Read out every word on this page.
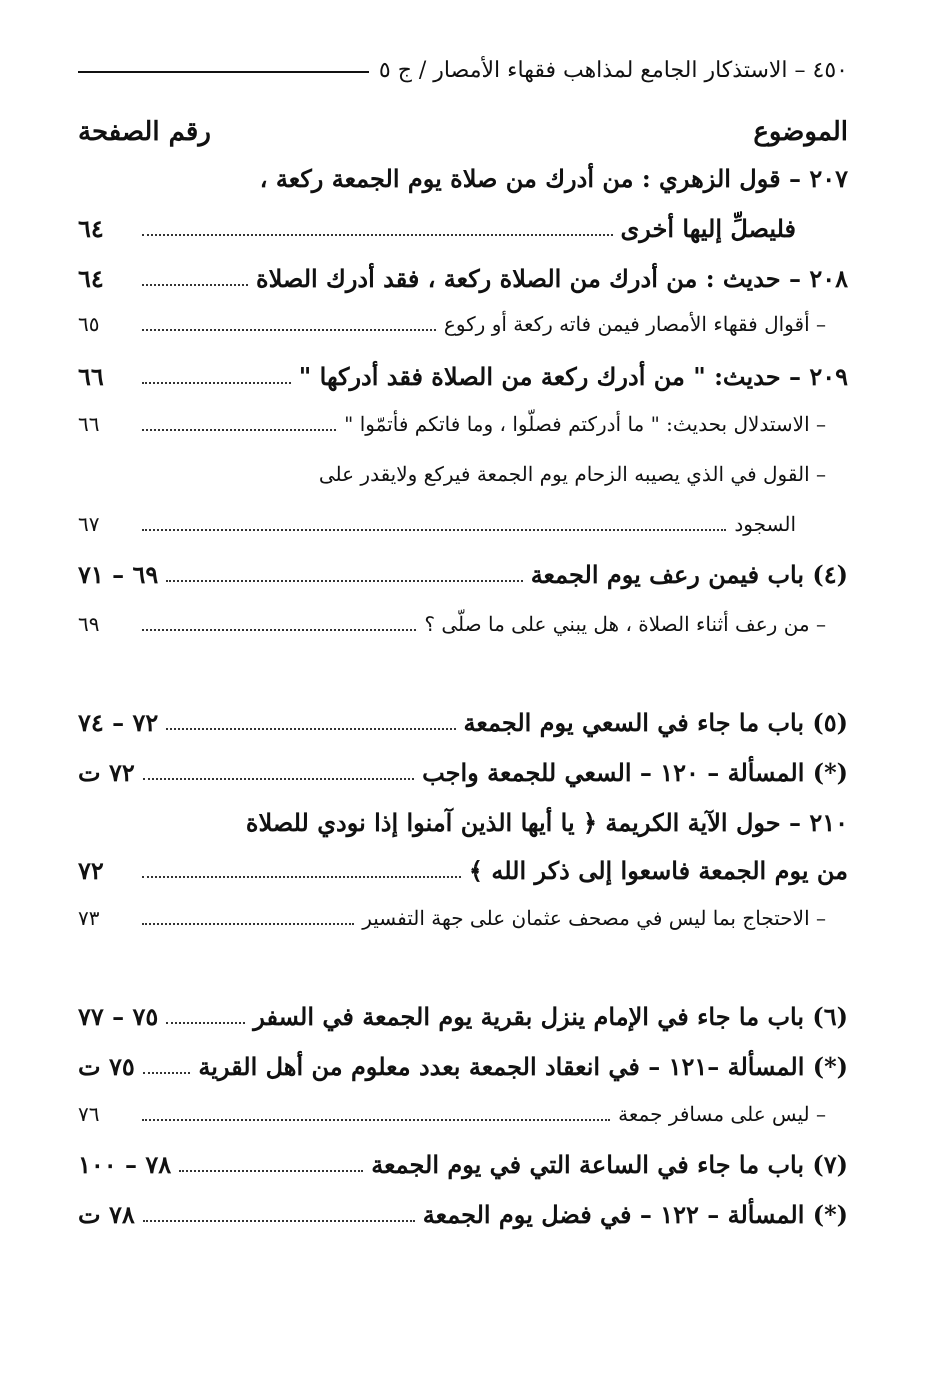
٤٥٠ – الاستذكار الجامع لمذاهب فقهاء الأمصار / ج ٥
الموضوع
رقم الصفحة
٢٠٧ – قول الزهري : من أدرك من صلاة يوم الجمعة ركعة ،
فليصلِّ إليها أخرى
٦٤
٢٠٨ – حديث : من أدرك من الصلاة ركعة ، فقد أدرك الصلاة
٦٤
– أقوال فقهاء الأمصار فيمن فاته ركعة أو ركوع
٦٥
٢٠٩ – حديث: " من أدرك ركعة من الصلاة فقد أدركها "
٦٦
– الاستدلال بحديث: " ما أدركتم فصلّوا ، وما فاتكم فأتمّوا "
٦٦
– القول في الذي يصيبه الزحام يوم الجمعة فيركع ولايقدر على
السجود
٦٧
(٤) باب فيمن رعف يوم الجمعة
٦٩ – ٧١
– من رعف أثناء الصلاة ، هل يبني على ما صلّى ؟
٦٩
(٥) باب ما جاء في السعي يوم الجمعة
٧٢ – ٧٤
(*) المسألة – ١٢٠ – السعي للجمعة واجب
٧٢ ت
٢١٠ – حول الآية الكريمة ﴿ يا أيها الذين آمنوا إذا نودي للصلاة
من يوم الجمعة فاسعوا إلى ذكر الله ﴾
٧٢
– الاحتجاج بما ليس في مصحف عثمان على جهة التفسير
٧٣
(٦) باب ما جاء في الإمام ينزل بقرية يوم الجمعة في السفر
٧٥ – ٧٧
(*) المسألة –١٢١ – في انعقاد الجمعة بعدد معلوم من أهل القرية
٧٥ ت
– ليس على مسافر جمعة
٧٦
(٧) باب ما جاء في الساعة التي في يوم الجمعة
٧٨ – ١٠٠
(*) المسألة – ١٢٢ – في فضل يوم الجمعة
٧٨ ت
